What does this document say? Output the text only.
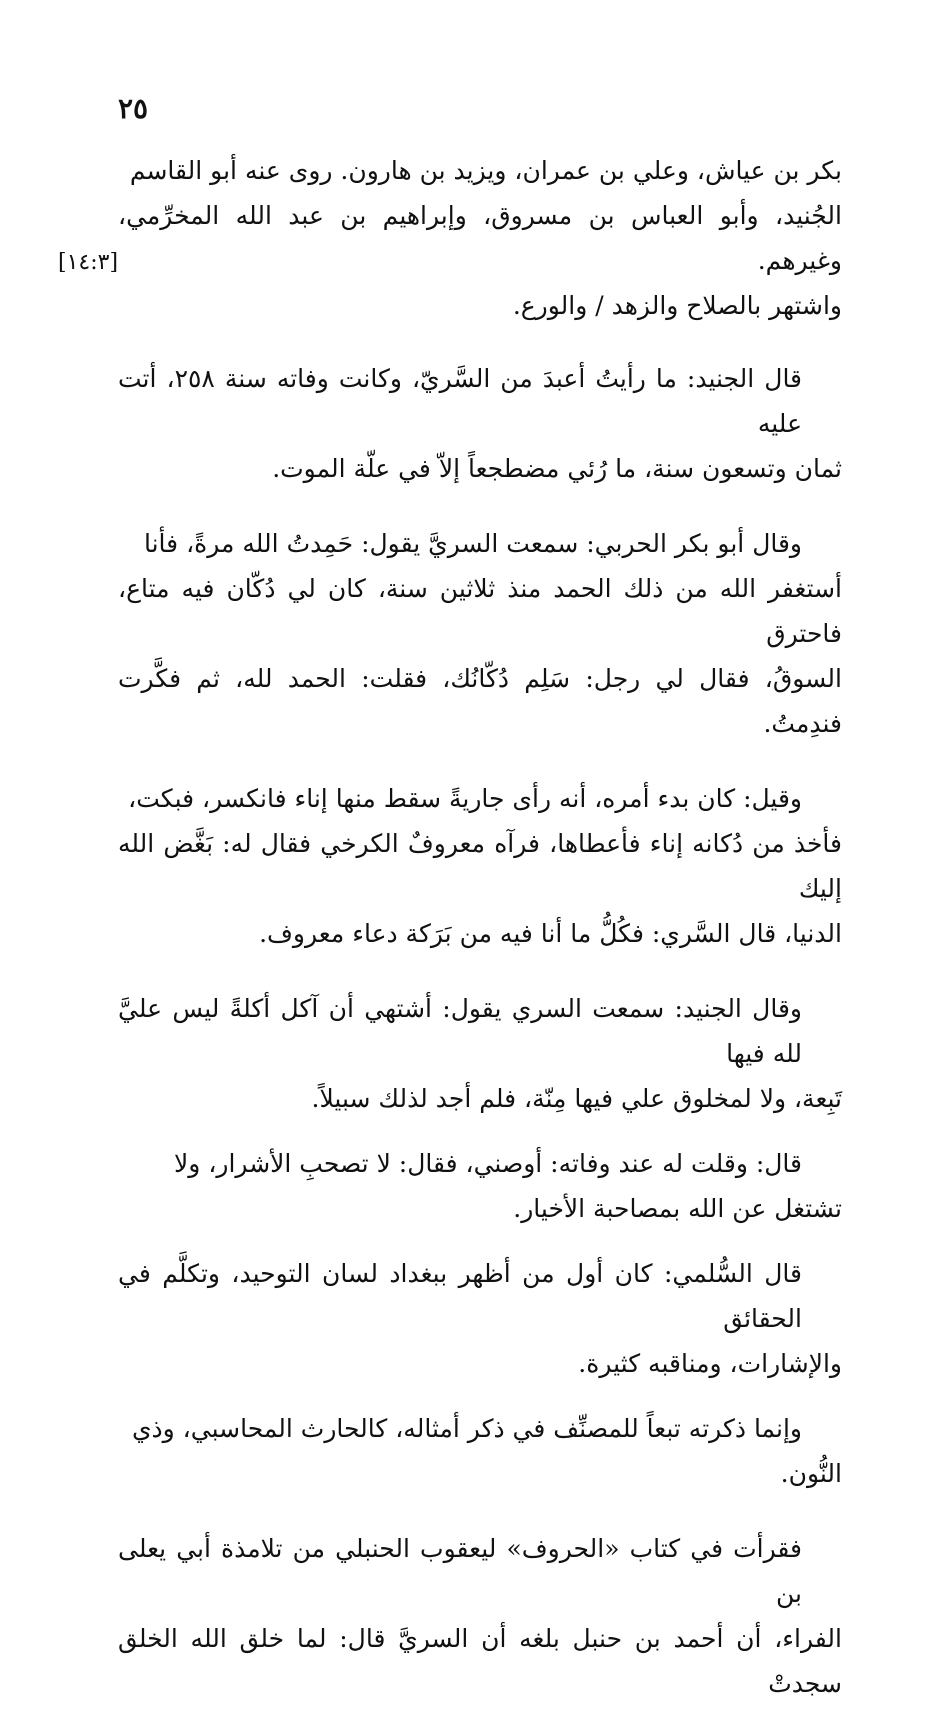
٢٥
[١٤:٣]
بكر بن عياش، وعلي بن عمران، ويزيد بن هارون. روى عنه أبو القاسم
الجُنيد، وأبو العباس بن مسروق، وإبراهيم بن عبد الله المخرِّمي، وغيرهم.
واشتهر بالصلاح والزهد / والورع.
قال الجنيد: ما رأيتُ أعبدَ من السَّريّ، وكانت وفاته سنة ٢٥٨، أتت عليه
ثمان وتسعون سنة، ما رُئي مضطجعاً إلاّ في علّة الموت.
وقال أبو بكر الحربي: سمعت السريَّ يقول: حَمِدتُ الله مرةً، فأنا
أستغفر الله من ذلك الحمد منذ ثلاثين سنة، كان لي دُكّان فيه متاع، فاحترق
السوقُ، فقال لي رجل: سَلِم دُكّانُك، فقلت: الحمد لله، ثم فكَّرت فندِمتُ.
وقيل: كان بدء أمره، أنه رأى جاريةً سقط منها إناء فانكسر، فبكت،
فأخذ من دُكانه إناء فأعطاها، فرآه معروفٌ الكرخي فقال له: بَغَّض الله إليك
الدنيا، قال السَّري: فكُلُّ ما أنا فيه من بَرَكة دعاء معروف.
وقال الجنيد: سمعت السري يقول: أشتهي أن آكل أكلةً ليس عليَّ لله فيها
تَبِعة، ولا لمخلوق علي فيها مِنّة، فلم أجد لذلك سبيلاً.
قال: وقلت له عند وفاته: أوصني، فقال: لا تصحبِ الأشرار، ولا
تشتغل عن الله بمصاحبة الأخيار.
قال السُّلمي: كان أول من أظهر ببغداد لسان التوحيد، وتكلَّم في الحقائق
والإشارات، ومناقبه كثيرة.
وإنما ذكرته تبعاً للمصنِّف في ذكر أمثاله، كالحارث المحاسبي، وذي
النُّون.
فقرأت في كتاب «الحروف» ليعقوب الحنبلي من تلامذة أبي يعلى بن
الفراء، أن أحمد بن حنبل بلغه أن السريَّ قال: لما خلق الله الخلق سجدتْ
